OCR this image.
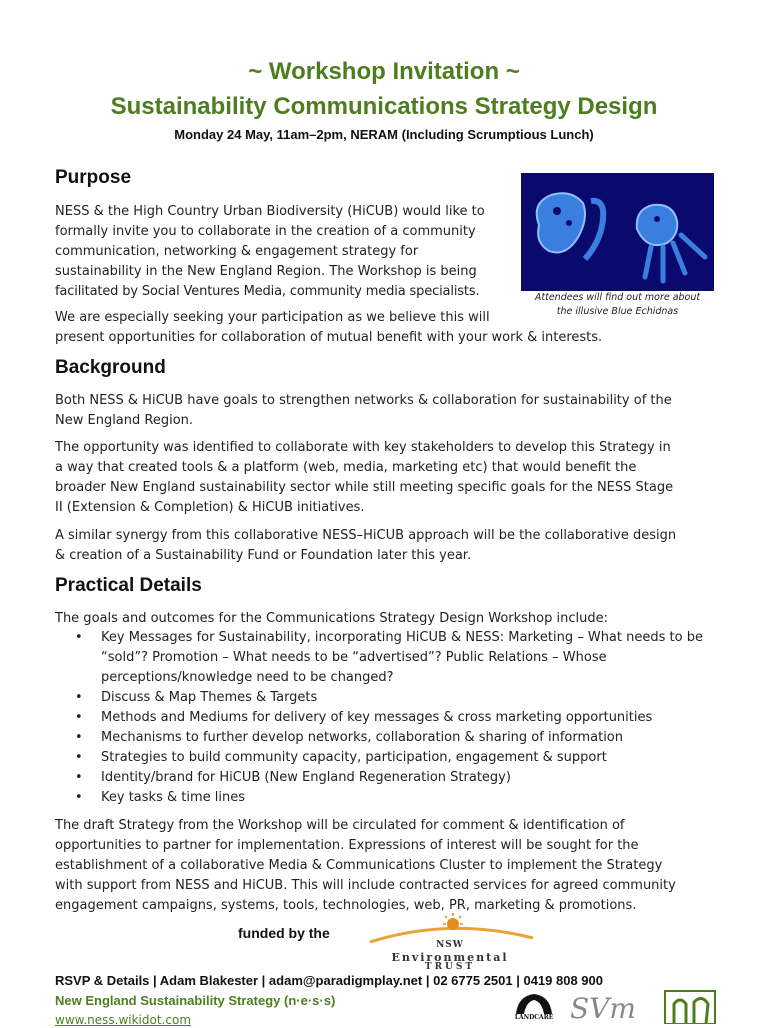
~ Workshop Invitation ~
Sustainability Communications Strategy Design
Monday 24 May, 11am–2pm, NERAM (Including Scrumptious Lunch)
Purpose
NESS & the High Country Urban Biodiversity (HiCUB) would like to
formally invite you to collaborate in the creation of a community
communication, networking & engagement strategy for
sustainability in the New England Region. The Workshop is being
facilitated by Social Ventures Media, community media specialists.	Attendees will find out more about
the illusive Blue Echidnas
We are especially seeking your participation as we believe this will
present opportunities for collaboration of mutual benefit with your work & interests.
Background
Both NESS & HiCUB have goals to strengthen networks & collaboration for sustainability of the
New England Region.
The opportunity was identified to collaborate with key stakeholders to develop this Strategy in
a way that created tools & a platform (web, media, marketing etc) that would benefit the
broader New England sustainability sector while still meeting specific goals for the NESS Stage
II (Extension & Completion) & HiCUB initiatives.
A similar synergy from this collaborative NESS–HiCUB approach will be the collaborative design
& creation of a Sustainability Fund or Foundation later this year.
Practical Details
The goals and outcomes for the Communications Strategy Design Workshop include:
• Key Messages for Sustainability, incorporating HiCUB & NESS: Marketing – What needs to be “sold”? Promotion – What needs to be “advertised”? Public Relations – Whose perceptions/knowledge need to be changed?
• Discuss & Map Themes & Targets
• Methods and Mediums for delivery of key messages & cross marketing opportunities
• Mechanisms to further develop networks, collaboration & sharing of information
• Strategies to build community capacity, participation, engagement & support
• Identity/brand for HiCUB (New England Regeneration Strategy)
• Key tasks & time lines
The draft Strategy from the Workshop will be circulated for comment & identification of
opportunities to partner for implementation. Expressions of interest will be sought for the
establishment of a collaborative Media & Communications Cluster to implement the Strategy
with support from NESS and HiCUB. This will include contracted services for agreed community
engagement campaigns, systems, tools, technologies, web, PR, marketing & promotions.
funded by the
NSW
Environmental
TRUST
RSVP & Details | Adam Blakester | adam@paradigmplay.net | 02 6775 2501 | 0419 808 900
New England Sustainability Strategy (n·e·s·s)
www.ness.wikidot.com	LANDCARE SVm
